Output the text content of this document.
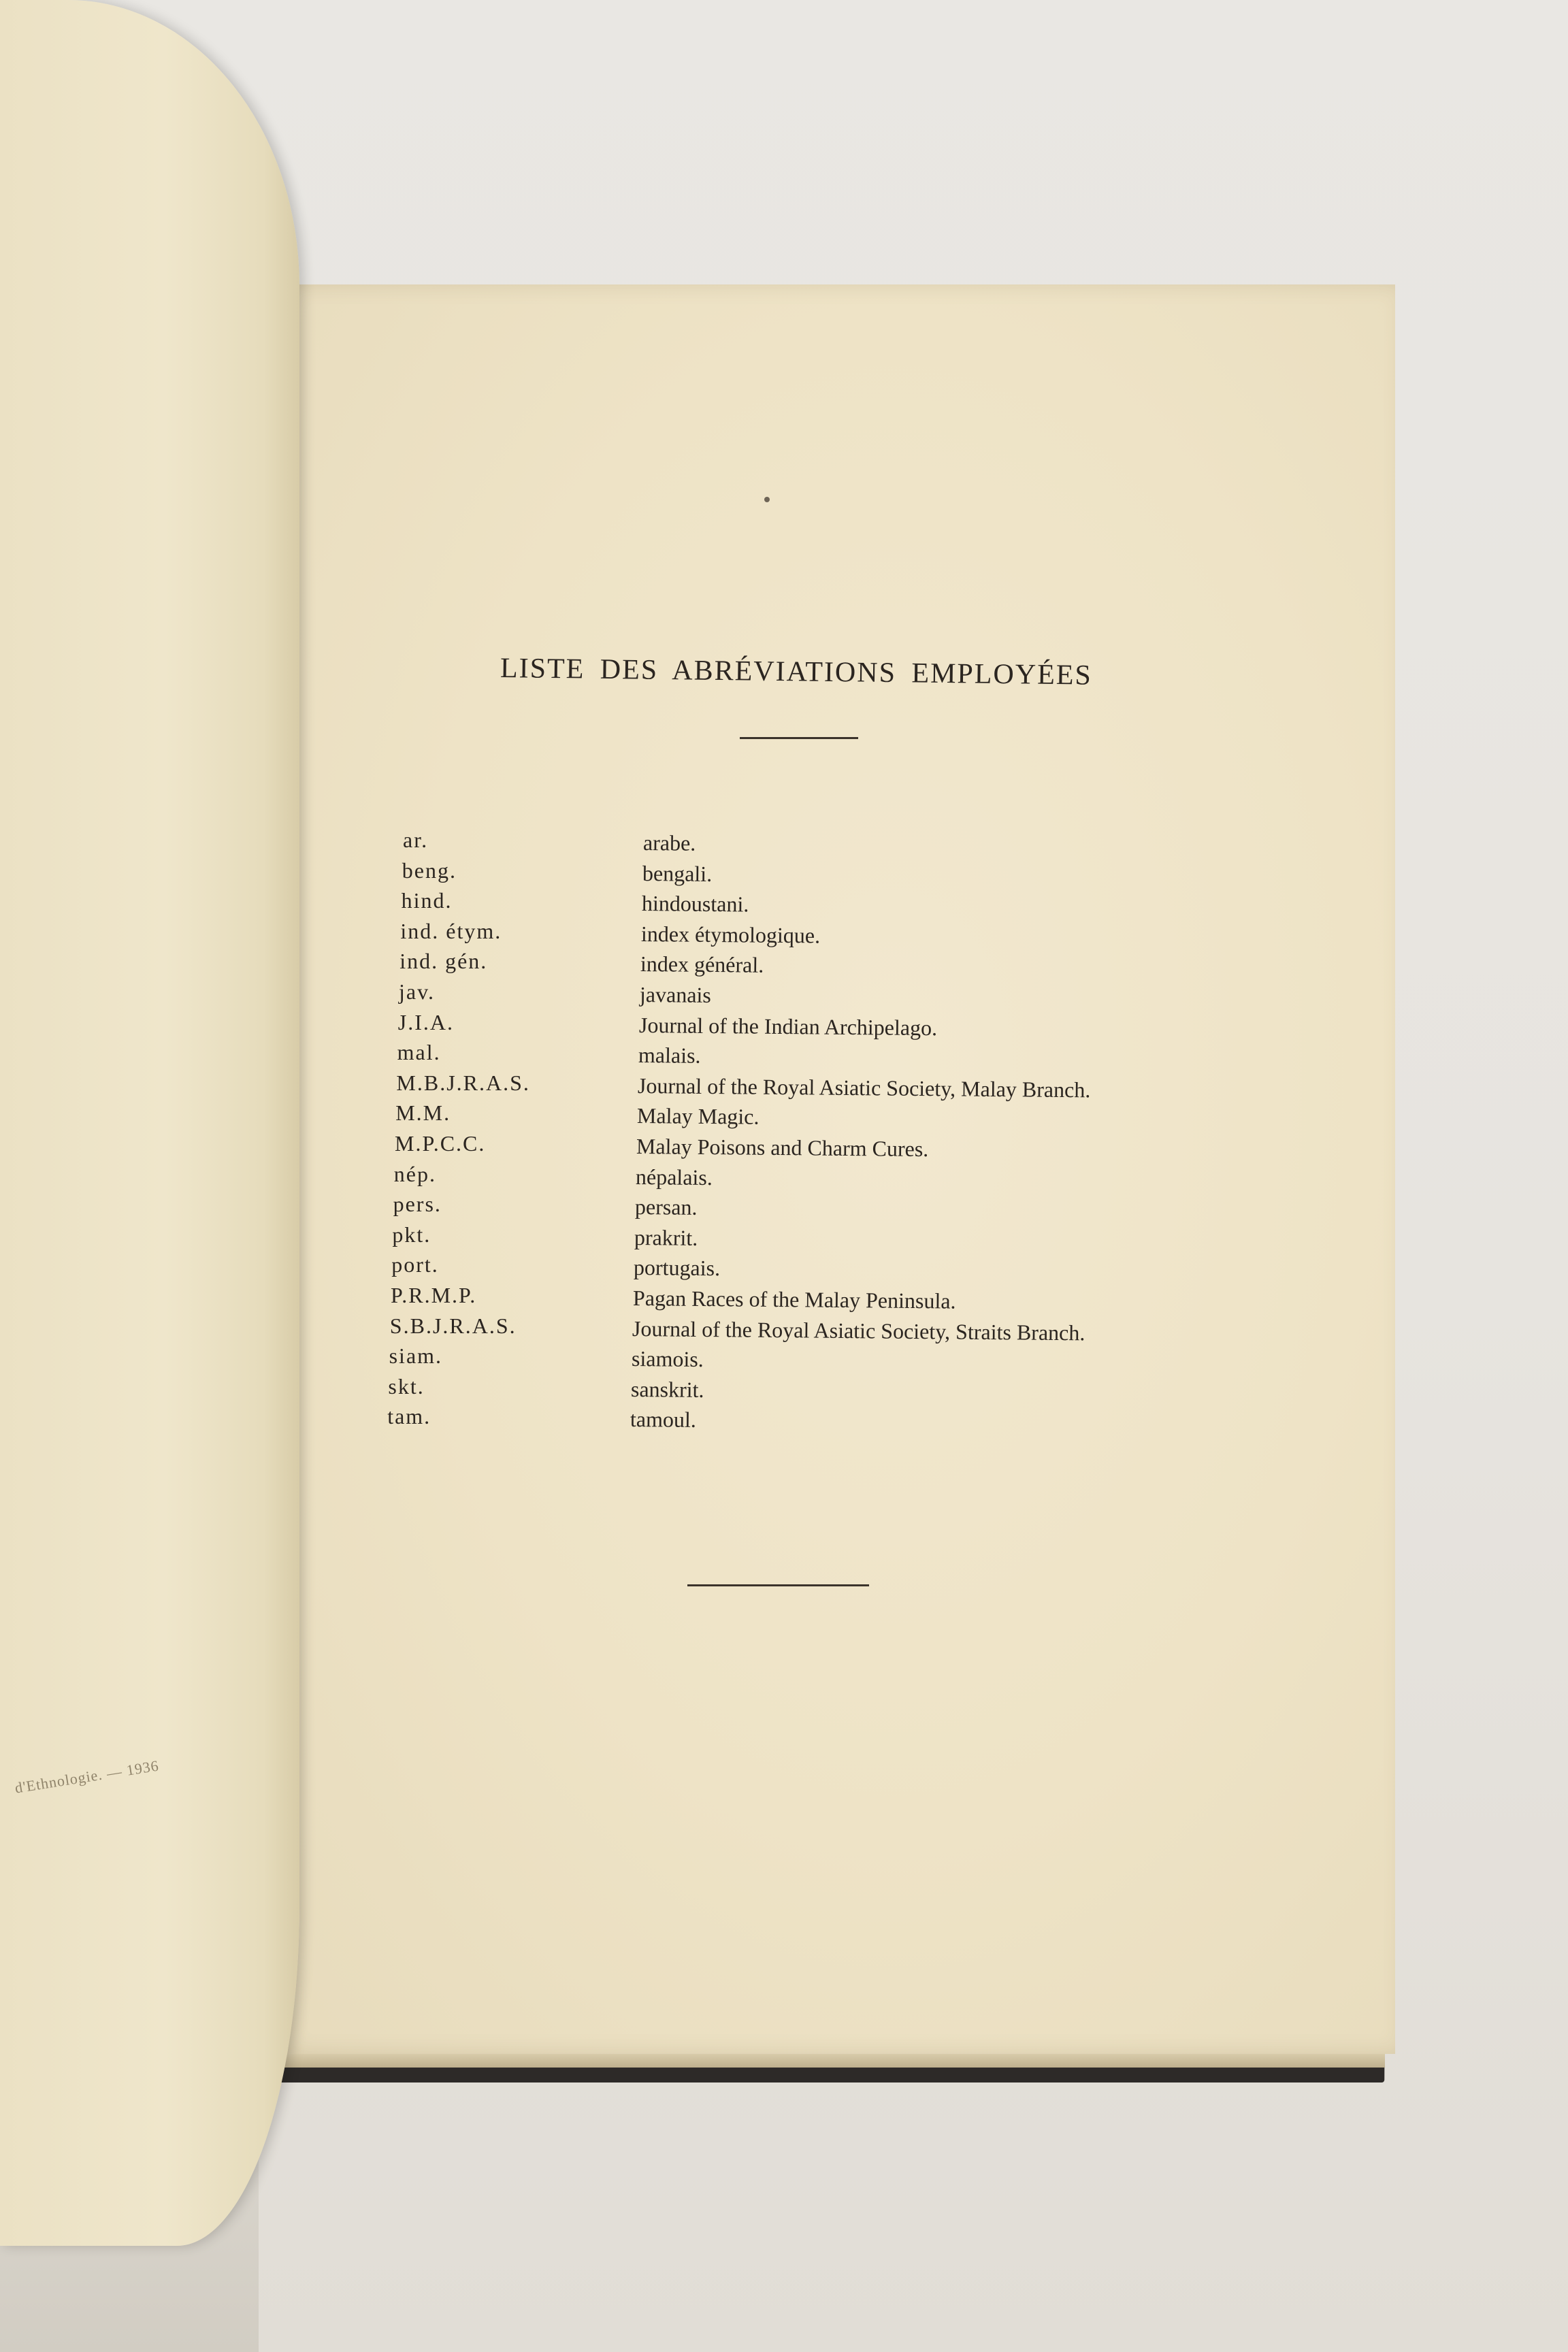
d'Ethnologie. — 1936
LISTE DES ABRÉVIATIONS EMPLOYÉES
ar.	arabe.
beng.	bengali.
hind.	hindoustani.
ind. étym.	index étymologique.
ind. gén.	index général.
jav.	javanais
J.I.A.	Journal of the Indian Archipelago.
mal.	malais.
M.B.J.R.A.S.	Journal of the Royal Asiatic Society, Malay Branch.
M.M.	Malay Magic.
M.P.C.C.	Malay Poisons and Charm Cures.
nép.	népalais.
pers.	persan.
pkt.	prakrit.
port.	portugais.
P.R.M.P.	Pagan Races of the Malay Peninsula.
S.B.J.R.A.S.	Journal of the Royal Asiatic Society, Straits Branch.
siam.	siamois.
skt.	sanskrit.
tam.	tamoul.
